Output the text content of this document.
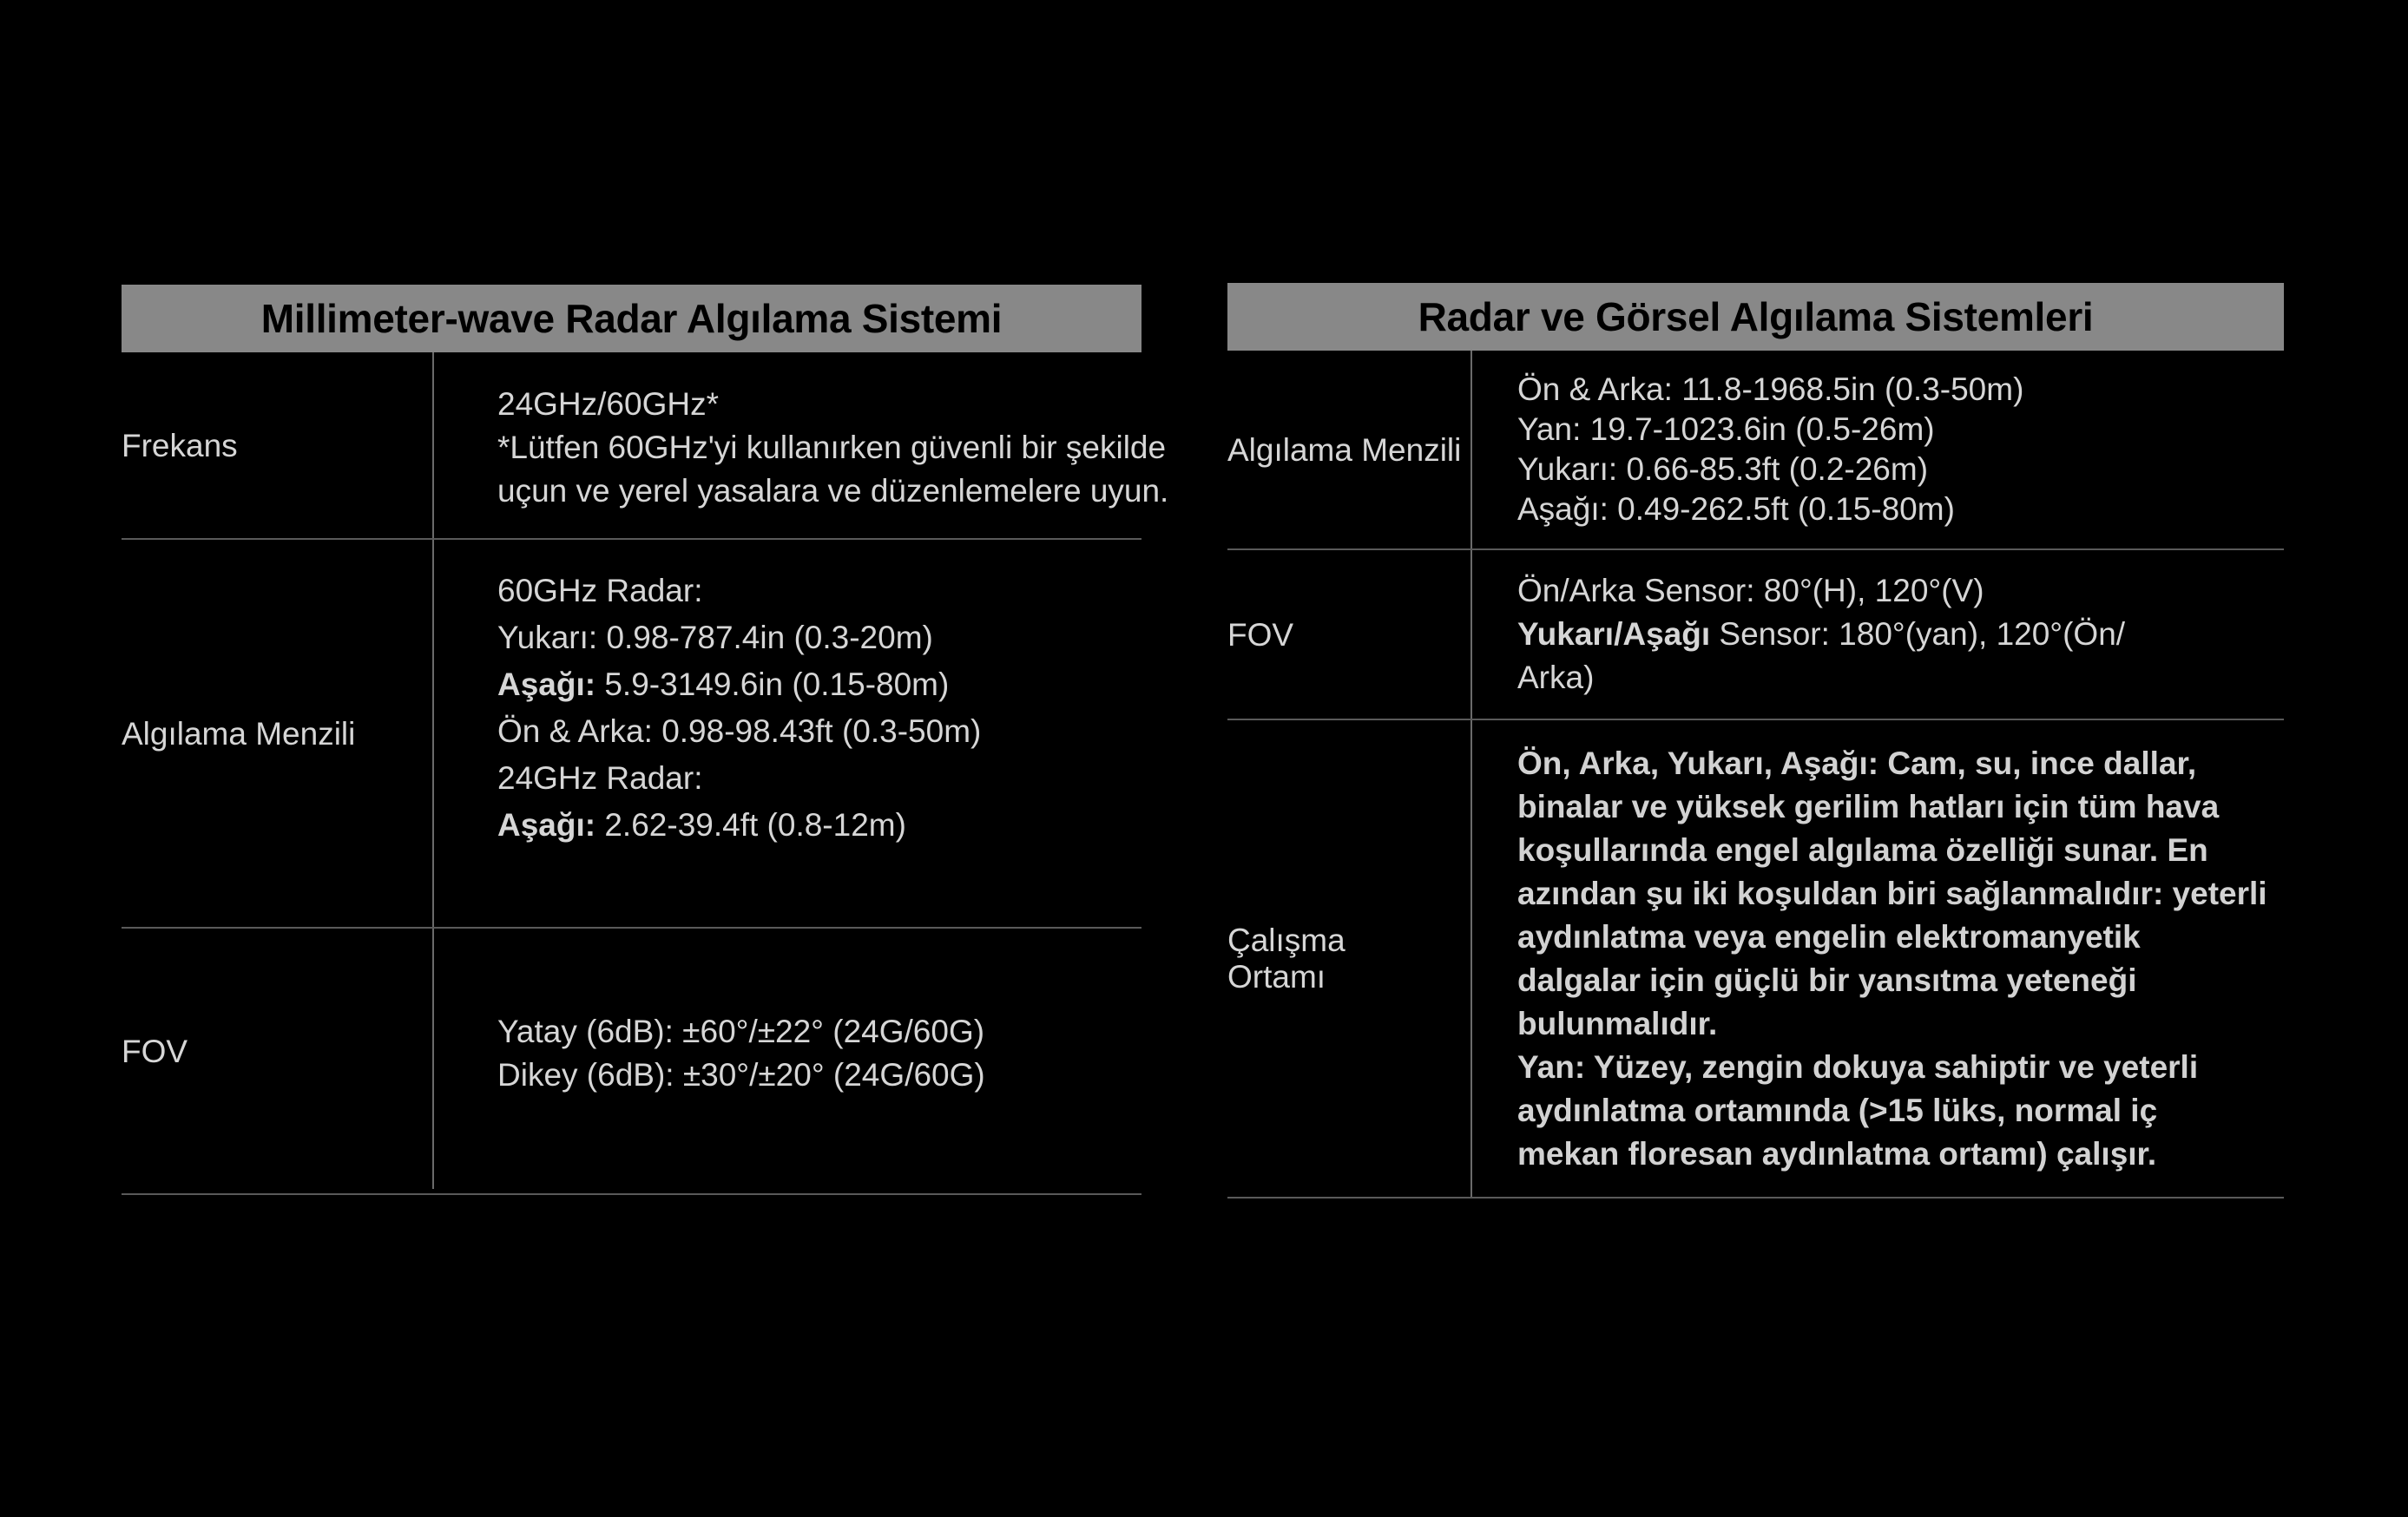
Millimeter-wave Radar Algılama Sistemi
Frekans
24GHz/60GHz*
*Lütfen 60GHz'yi kullanırken güvenli bir şekilde
uçun ve yerel yasalara ve düzenlemelere uyun.
Algılama Menzili
60GHz Radar:
Yukarı: 0.98-787.4in (0.3-20m)
Aşağı: 5.9-3149.6in (0.15-80m)
Ön & Arka: 0.98-98.43ft (0.3-50m)
24GHz Radar:
Aşağı: 2.62-39.4ft (0.8-12m)
FOV
Yatay (6dB): ±60°/±22° (24G/60G)
Dikey (6dB): ±30°/±20° (24G/60G)
Radar ve Görsel Algılama Sistemleri
Algılama Menzili
Ön & Arka: 11.8-1968.5in (0.3-50m)
Yan: 19.7-1023.6in (0.5-26m)
Yukarı: 0.66-85.3ft (0.2-26m)
Aşağı: 0.49-262.5ft (0.15-80m)
FOV
Ön/Arka Sensor: 80°(H), 120°(V)
Yukarı/Aşağı Sensor: 180°(yan), 120°(Ön/
Arka)
Çalışma
Ortamı
Ön, Arka, Yukarı, Aşağı: Cam, su, ince dallar,
binalar ve yüksek gerilim hatları için tüm hava
koşullarında engel algılama özelliği sunar. En
azından şu iki koşuldan biri sağlanmalıdır: yeterli
aydınlatma veya engelin elektromanyetik
dalgalar için güçlü bir yansıtma yeteneği
bulunmalıdır.
Yan: Yüzey, zengin dokuya sahiptir ve yeterli
aydınlatma ortamında (>15 lüks, normal iç
mekan floresan aydınlatma ortamı) çalışır.
